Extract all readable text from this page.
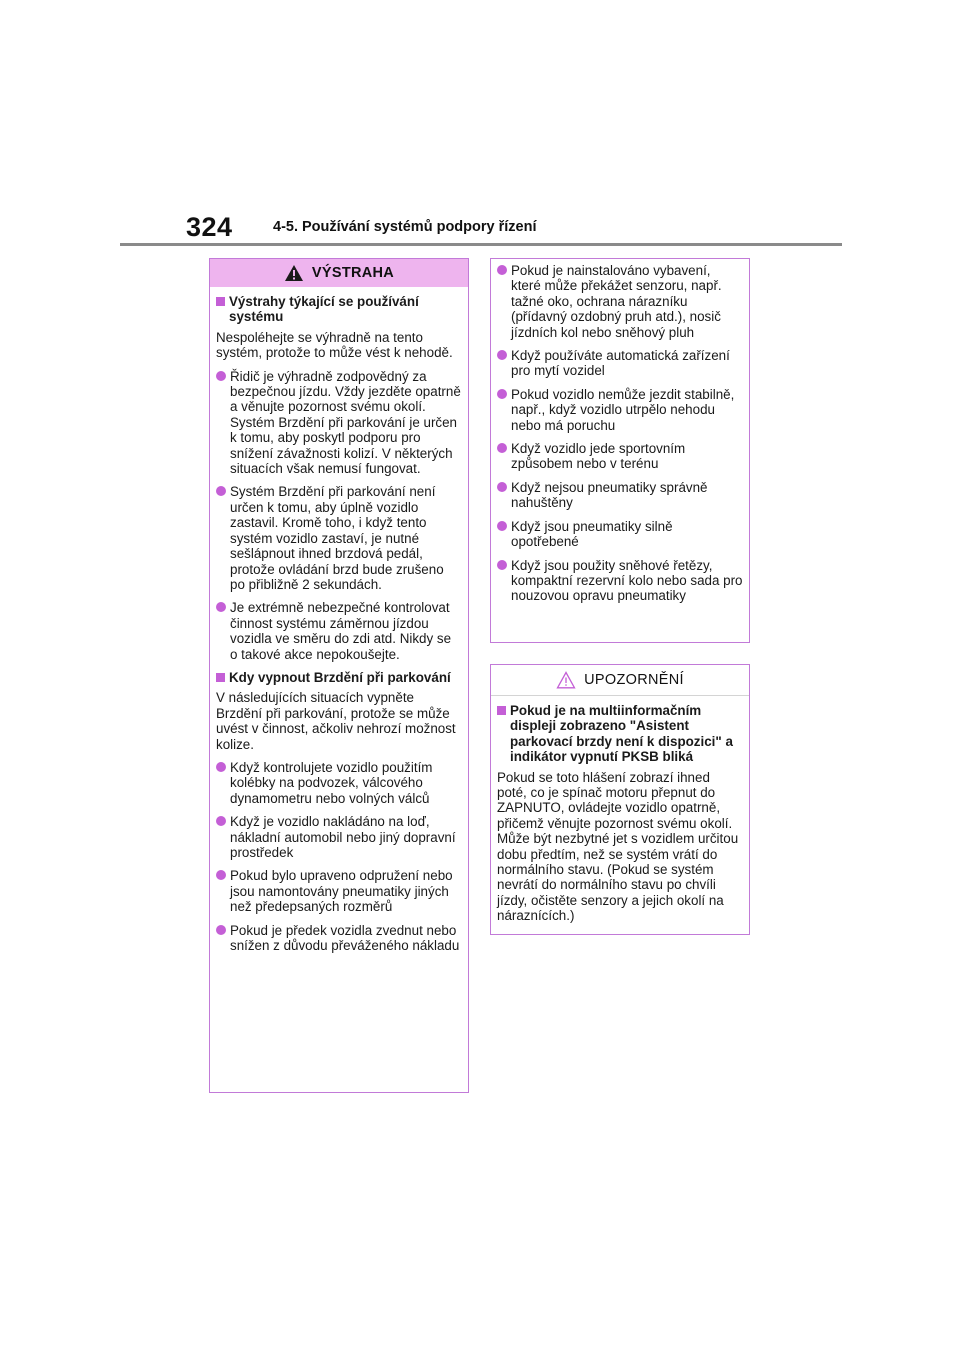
324	4-5. Používání systémů podpory řízení
VÝSTRAHA
Výstrahy týkající se používání systému

Nespoléhejte se výhradně na tento systém, protože to může vést k nehodě.

Řidič je výhradně zodpovědný za bezpečnou jízdu. Vždy jezděte opatrně a věnujte pozornost svému okolí. Systém Brzdění při parkování je určen k tomu, aby poskytl podporu pro snížení závažnosti kolizí. V některých situacích však nemusí fungovat.
Systém Brzdění při parkování není určen k tomu, aby úplně vozidlo zastavil. Kromě toho, i když tento systém vozidlo zastaví, je nutné sešlápnout ihned brzdová pedál, protože ovládání brzd bude zrušeno po přibližně 2 sekundách.
Je extrémně nebezpečné kontrolovat činnost systému záměrnou jízdou vozidla ve směru do zdi atd. Nikdy se o takové akce nepokoušejte.
Kdy vypnout Brzdění při parkování

V následujících situacích vypněte Brzdění při parkování, protože se může uvést v činnost, ačkoliv nehrozí možnost kolize.

Když kontrolujete vozidlo použitím kolébky na podvozek, válcového dynamometru nebo volných válců
Když je vozidlo nakládáno na loď, nákladní automobil nebo jiný dopravní prostředek
Pokud bylo upraveno odpružení nebo jsou namontovány pneumatiky jiných než předepsaných rozměrů
Pokud je předek vozidla zvednut nebo snížen z důvodu převáženého nákladu
Pokud je nainstalováno vybavení, které může překážet senzoru, např. tažné oko, ochrana nárazníku (přídavný ozdobný pruh atd.), nosič jízdních kol nebo sněhový pluh
Když používáte automatická zařízení pro mytí vozidel
Pokud vozidlo nemůže jezdit stabilně, např., když vozidlo utrpělo nehodu nebo má poruchu
Když vozidlo jede sportovním způsobem nebo v terénu
Když nejsou pneumatiky správně nahuštěny
Když jsou pneumatiky silně opotřebené
Když jsou použity sněhové řetězy, kompaktní rezervní kolo nebo sada pro nouzovou opravu pneumatiky
UPOZORNĚNÍ
Pokud je na multiinformačním displeji zobrazeno "Asistent parkovací brzdy není k dispozici" a indikátor vypnutí PKSB bliká

Pokud se toto hlášení zobrazí ihned poté, co je spínač motoru přepnut do ZAPNUTO, ovládejte vozidlo opatrně, přičemž věnujte pozornost svému okolí. Může být nezbytné jet s vozidlem určitou dobu předtím, než se systém vrátí do normálního stavu. (Pokud se systém nevrátí do normálního stavu po chvíli jízdy, očistěte senzory a jejich okolí na náraznících.)
